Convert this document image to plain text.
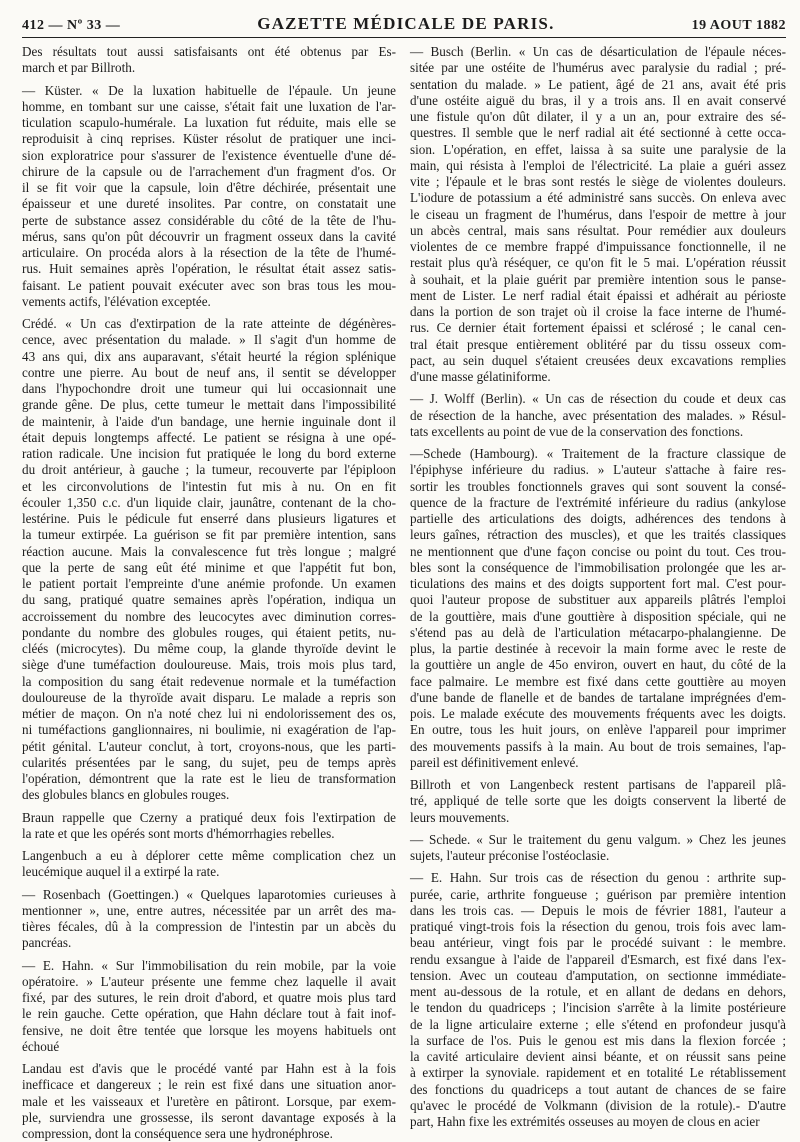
412 — Nº 33 —	GAZETTE MÉDICALE DE PARIS.	19 AOUT 1882

Des résultats tout aussi satisfaisants ont été obtenus par Es-
march et par Billroth.

— Küster. « De la luxation habituelle de l'épaule. Un jeune
homme, en tombant sur une caisse, s'était fait une luxation de l'ar-
ticulation scapulo-humérale. La luxation fut réduite, mais elle se
reproduisit à cinq reprises. Küster résolut de pratiquer une inci-
sion exploratrice pour s'assurer de l'existence éventuelle d'une dé-
chirure de la capsule ou de l'arrachement d'un fragment d'os. Or
il se fit voir que la capsule, loin d'être déchirée, présentait une
épaisseur et une dureté insolites. Par contre, on constatait une
perte de substance assez considérable du côté de la tête de l'hu-
mérus, sans qu'on pût découvrir un fragment osseux dans la cavité
articulaire. On procéda alors à la résection de la tête de l'humé-
rus. Huit semaines après l'opération, le résultat était assez satis-
faisant. Le patient pouvait exécuter avec son bras tous les mou-
vements actifs, l'élévation exceptée.

Crédé. « Un cas d'extirpation de la rate atteinte de dégénères-
cence, avec présentation du malade. » Il s'agit d'un homme de
43 ans qui, dix ans auparavant, s'était heurté la région splénique
contre une pierre. Au bout de neuf ans, il sentit se développer
dans l'hypochondre droit une tumeur qui lui occasionnait une
grande gêne. De plus, cette tumeur le mettait dans l'impossibilité
de maintenir, à l'aide d'un bandage, une hernie inguinale dont il
était depuis longtemps affecté. Le patient se résigna à une opé-
ration radicale. Une incision fut pratiquée le long du bord externe
du droit antérieur, à gauche ; la tumeur, recouverte par l'épiploon
et les circonvolutions de l'intestin fut mis à nu. On en fit
écouler 1,350 c.c. d'un liquide clair, jaunâtre, contenant de la cho-
lestérine. Puis le pédicule fut enserré dans plusieurs ligatures et
la tumeur extirpée. La guérison se fit par première intention, sans
réaction aucune. Mais la convalescence fut très longue ; malgré
que la perte de sang eût été minime et que l'appétit fut bon,
le patient portait l'empreinte d'une anémie profonde. Un examen
du sang, pratiqué quatre semaines après l'opération, indiqua un
accroissement du nombre des leucocytes avec diminution corres-
pondante du nombre des globules rouges, qui étaient petits, nu-
cléés (microcytes). Du même coup, la glande thyroïde devint le
siège d'une tuméfaction douloureuse. Mais, trois mois plus tard,
la composition du sang était redevenue normale et la tuméfaction
douloureuse de la thyroïde avait disparu. Le malade a repris son
métier de maçon. On n'a noté chez lui ni endolorissement des os,
ni tuméfactions ganglionnaires, ni boulimie, ni exagération de l'ap-
pétit génital. L'auteur conclut, à tort, croyons-nous, que les parti-
cularités présentées par le sang, du sujet, peu de temps après
l'opération, démontrent que la rate est le lieu de transformation
des globules blancs en globules rouges.

Braun rappelle que Czerny a pratiqué deux fois l'extirpation de
la rate et que les opérés sont morts d'hémorrhagies rebelles.

Langenbuch a eu à déplorer cette même complication chez un
leucémique auquel il a extirpé la rate.

— Rosenbach (Goettingen.) « Quelques laparotomies curieuses à
mentionner », une, entre autres, nécessitée par un arrêt des ma-
tières fécales, dû à la compression de l'intestin par un abcès du
pancréas.

— E. Hahn. « Sur l'immobilisation du rein mobile, par la voie
opératoire. » L'auteur présente une femme chez laquelle il avait
fixé, par des sutures, le rein droit d'abord, et quatre mois plus tard
le rein gauche. Cette opération, que Hahn déclare tout à fait inof-
fensive, ne doit être tentée que lorsque les moyens habituels ont
échoué

Landau est d'avis que le procédé vanté par Hahn est à la fois
inefficace et dangereux ; le rein est fixé dans une situation anor-
male et les vaisseaux et l'uretère en pâtiront. Lorsque, par exem-
ple, surviendra une grossesse, ils seront davantage exposés à la
compression, dont la conséquence sera une hydronéphrose.

— Busch (Berlin. « Un cas de désarticulation de l'épaule néces-
sitée par une ostéite de l'humérus avec paralysie du radial ; pré-
sentation du malade. » Le patient, âgé de 21 ans, avait été pris
d'une ostéite aiguë du bras, il y a trois ans. Il en avait conservé
une fistule qu'on dût dilater, il y a un an, pour extraire des sé-
questres. Il semble que le nerf radial ait été sectionné à cette occa-
sion. L'opération, en effet, laissa à sa suite une paralysie de la
main, qui résista à l'emploi de l'électricité. La plaie a guéri assez
vite ; l'épaule et le bras sont restés le siège de violentes douleurs.
L'iodure de potassium a été administré sans succès. On enleva avec
le ciseau un fragment de l'humérus, dans l'espoir de mettre à jour
un abcès central, mais sans résultat. Pour remédier aux douleurs
violentes de ce membre frappé d'impuissance fonctionnelle, il ne
restait plus qu'à réséquer, ce qu'on fit le 5 mai. L'opération réussit
à souhait, et la plaie guérit par première intention sous le panse-
ment de Lister. Le nerf radial était épaissi et adhérait au périoste
dans la portion de son trajet où il croise la face interne de l'humé-
rus. Ce dernier était fortement épaissi et sclérosé ; le canal cen-
tral était presque entièrement oblitéré par du tissu osseux com-
pact, au sein duquel s'étaient creusées deux excavations remplies
d'une masse gélatiniforme.

— J. Wolff (Berlin). « Un cas de résection du coude et deux cas
de résection de la hanche, avec présentation des malades. » Résul-
tats excellents au point de vue de la conservation des fonctions.

—Schede (Hambourg). « Traitement de la fracture classique de
l'épiphyse inférieure du radius. » L'auteur s'attache à faire res-
sortir les troubles fonctionnels graves qui sont souvent la consé-
quence de la fracture de l'extrémité inférieure du radius (ankylose
partielle des articulations des doigts, adhérences des tendons à
leurs gaînes, rétraction des muscles), et que les traités classiques
ne mentionnent que d'une façon concise ou point du tout. Ces trou-
bles sont la conséquence de l'immobilisation prolongée que les ar-
ticulations des mains et des doigts supportent fort mal. C'est pour-
quoi l'auteur propose de substituer aux appareils plâtrés l'emploi
de la gouttière, mais d'une gouttière à disposition spéciale, qui ne
s'étend pas au delà de l'articulation métacarpo-phalangienne. De
plus, la partie destinée à recevoir la main forme avec le reste de
la gouttière un angle de 45o environ, ouvert en haut, du côté de la
face palmaire. Le membre est fixé dans cette gouttière au moyen
d'une bande de flanelle et de bandes de tartalane imprégnées d'em-
pois. Le malade exécute des mouvements fréquents avec les doigts.
En outre, tous les huit jours, on enlève l'appareil pour imprimer
des mouvements passifs à la main. Au bout de trois semaines, l'ap-
pareil est définitivement enlevé.

Billroth et von Langenbeck restent partisans de l'appareil plâ-
tré, appliqué de telle sorte que les doigts conservent la liberté de
leurs mouvements.

— Schede. « Sur le traitement du genu valgum. » Chez les jeunes
sujets, l'auteur préconise l'ostéoclasie.

— E. Hahn. Sur trois cas de résection du genou : arthrite sup-
purée, carie, arthrite fongueuse ; guérison par première intention
dans les trois cas. — Depuis le mois de février 1881, l'auteur a
pratiqué vingt-trois fois la résection du genou, trois fois avec lam-
beau antérieur, vingt fois par le procédé suivant : le membre.
rendu exsangue à l'aide de l'appareil d'Esmarch, est fixé dans l'ex-
tension. Avec un couteau d'amputation, on sectionne immédiate-
ment au-dessous de la rotule, et en allant de dedans en dehors,
le tendon du quadriceps ; l'incision s'arrête à la limite postérieure
de la ligne articulaire externe ; elle s'étend en profondeur jusqu'à
la surface de l'os. Puis le genou est mis dans la flexion forcée ;
la cavité articulaire devient ainsi béante, et on réussit sans peine
à extirper la synoviale. rapidement et en totalité Le rétablissement
des fonctions du quadriceps a tout autant de chances de se faire
qu'avec le procédé de Volkmann (division de la rotule).- D'autre
part, Hahn fixe les extrémités osseuses au moyen de clous en acier
